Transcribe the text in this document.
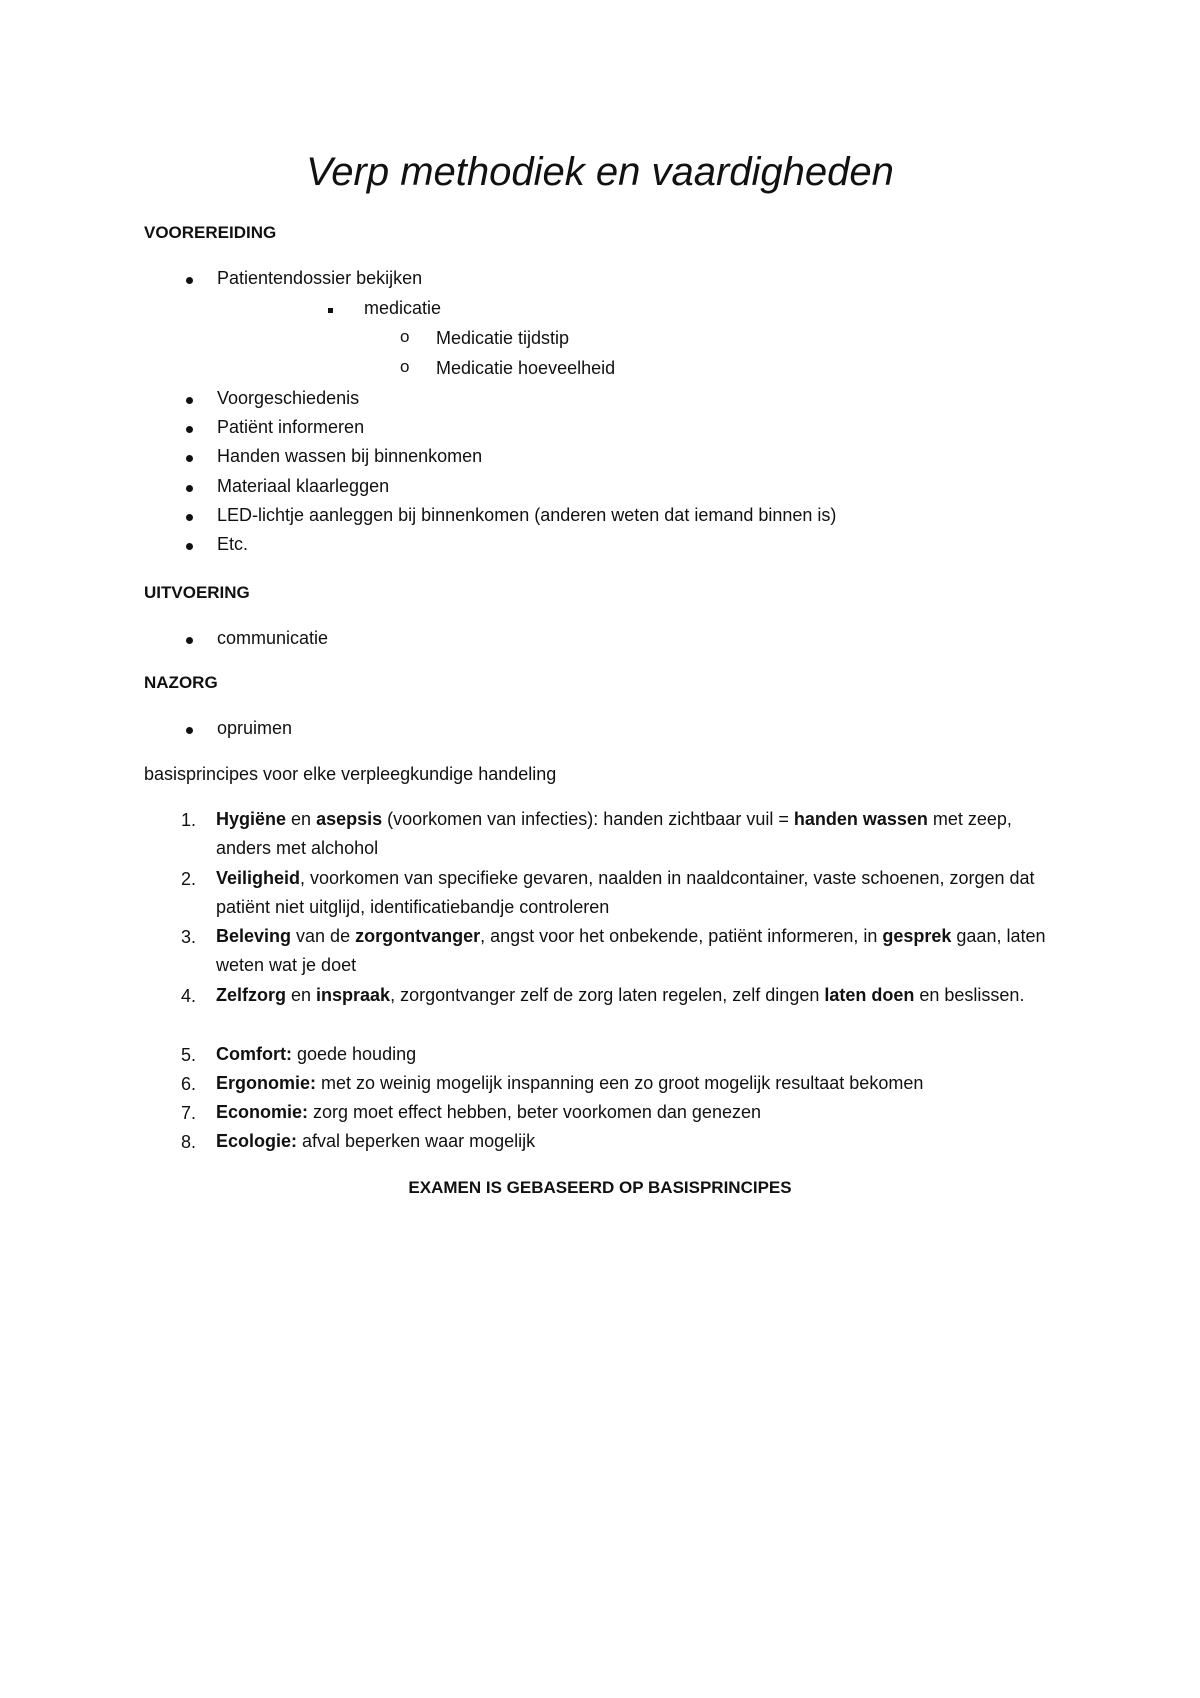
Verp methodiek en vaardigheden
VOOREREIDING
Patientendossier bekijken
medicatie
o Medicatie tijdstip
o Medicatie hoeveelheid
Voorgeschiedenis
Patiënt informeren
Handen wassen bij binnenkomen
Materiaal klaarleggen
LED-lichtje aanleggen bij binnenkomen (anderen weten dat iemand binnen is)
Etc.
UITVOERING
communicatie
NAZORG
opruimen
basisprincipes voor elke verpleegkundige handeling
1. Hygiëne en asepsis (voorkomen van infecties): handen zichtbaar vuil = handen wassen met zeep, anders met alchohol

2. Veiligheid, voorkomen van specifieke gevaren, naalden in naaldcontainer, vaste schoenen, zorgen dat patiënt niet uitglijd, identificatiebandje controleren

3. Beleving van de zorgontvanger, angst voor het onbekende, patiënt informeren, in gesprek gaan, laten weten wat je doet

4. Zelfzorg en inspraak, zorgontvanger zelf de zorg laten regelen, zelf dingen laten doen en beslissen.

5. Comfort: goede houding

6. Ergonomie: met zo weinig mogelijk inspanning een zo groot mogelijk resultaat bekomen

7. Economie: zorg moet effect hebben, beter voorkomen dan genezen

8. Ecologie: afval beperken waar mogelijk

EXAMEN IS GEBASEERD OP BASISPRINCIPES
